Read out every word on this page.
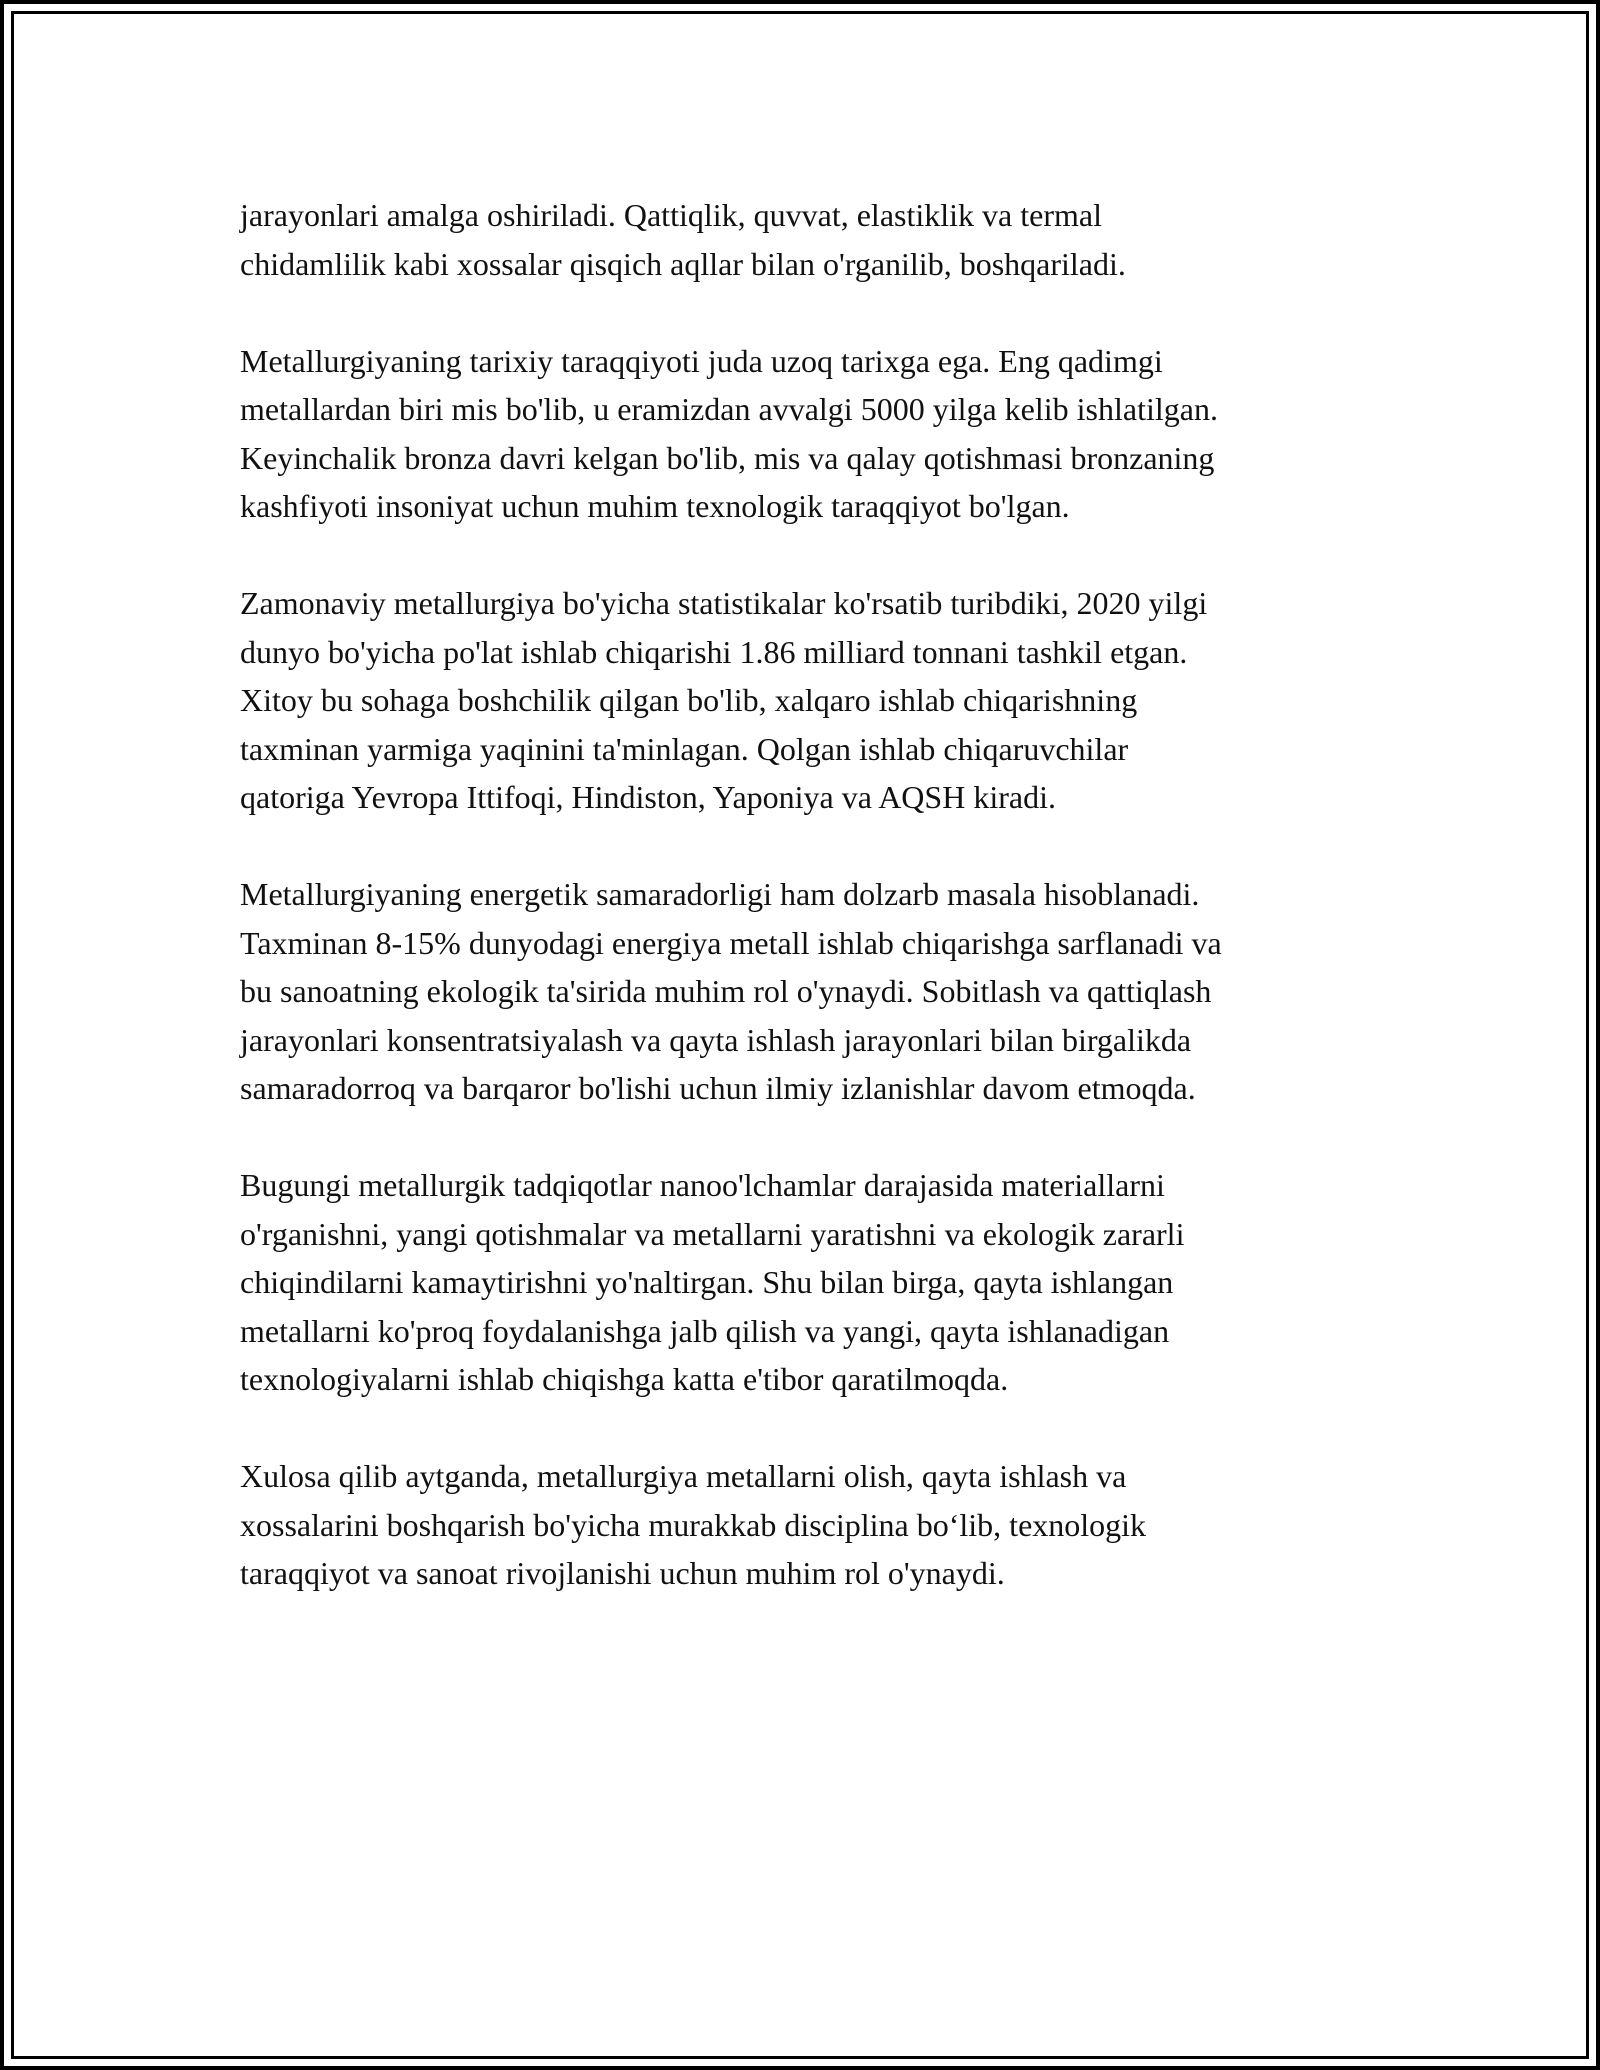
jarayonlari amalga oshiriladi. Qattiqlik, quvvat, elastiklik va termal
chidamlilik kabi xossalar qisqich aqllar bilan o'rganilib, boshqariladi.

Metallurgiyaning tarixiy taraqqiyoti juda uzoq tarixga ega. Eng qadimgi
metallardan biri mis bo'lib, u eramizdan avvalgi 5000 yilga kelib ishlatilgan.
Keyinchalik bronza davri kelgan bo'lib, mis va qalay qotishmasi bronzaning
kashfiyoti insoniyat uchun muhim texnologik taraqqiyot bo'lgan.

Zamonaviy metallurgiya bo'yicha statistikalar ko'rsatib turibdiki, 2020 yilgi
dunyo bo'yicha po'lat ishlab chiqarishi 1.86 milliard tonnani tashkil etgan.
Xitoy bu sohaga boshchilik qilgan bo'lib, xalqaro ishlab chiqarishning
taxminan yarmiga yaqinini ta'minlagan. Qolgan ishlab chiqaruvchilar
qatoriga Yevropa Ittifoqi, Hindiston, Yaponiya va AQSH kiradi.

Metallurgiyaning energetik samaradorligi ham dolzarb masala hisoblanadi.
Taxminan 8-15% dunyodagi energiya metall ishlab chiqarishga sarflanadi va
bu sanoatning ekologik ta'sirida muhim rol o'ynaydi. Sobitlash va qattiqlash
jarayonlari konsentratsiyalash va qayta ishlash jarayonlari bilan birgalikda
samaradorroq va barqaror bo'lishi uchun ilmiy izlanishlar davom etmoqda.

Bugungi metallurgik tadqiqotlar nanoo'lchamlar darajasida materiallarni
o'rganishni, yangi qotishmalar va metallarni yaratishni va ekologik zararli
chiqindilarni kamaytirishni yo'naltirgan. Shu bilan birga, qayta ishlangan
metallarni ko'proq foydalanishga jalb qilish va yangi, qayta ishlanadigan
texnologiyalarni ishlab chiqishga katta e'tibor qaratilmoqda.

Xulosa qilib aytganda, metallurgiya metallarni olish, qayta ishlash va
xossalarini boshqarish bo'yicha murakkab disciplina bo‘lib, texnologik
taraqqiyot va sanoat rivojlanishi uchun muhim rol o'ynaydi.
